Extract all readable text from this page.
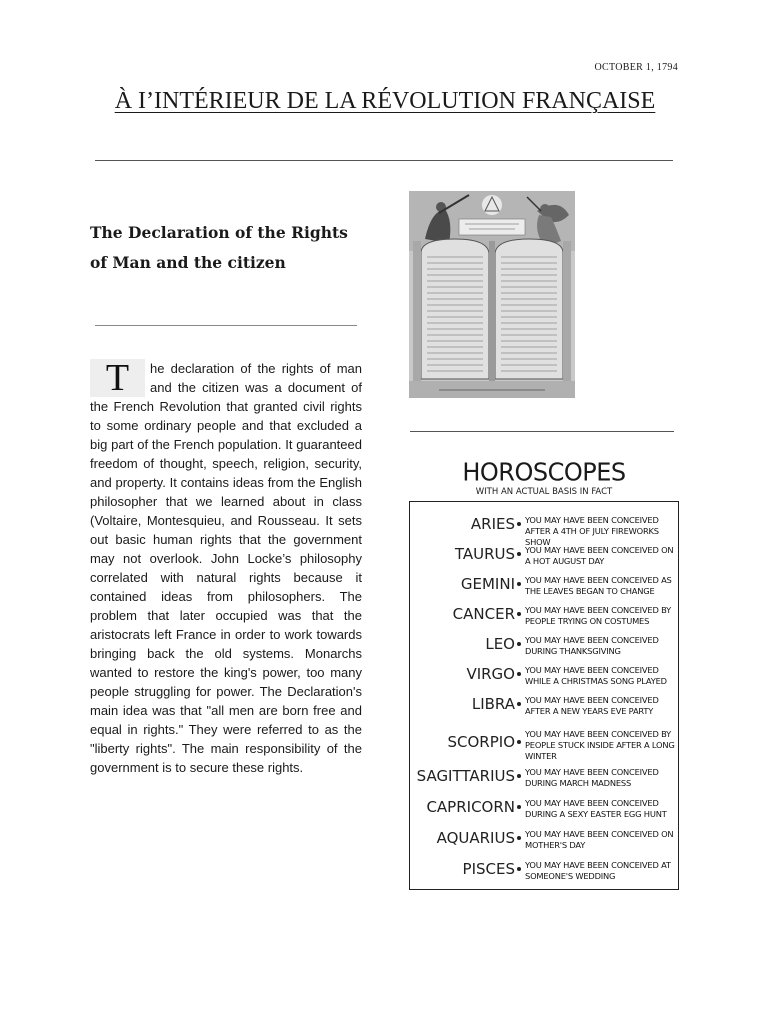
OCTOBER 1, 1794
À I’INTÉRIEUR DE LA RÉVOLUTION FRANÇAISE
The Declaration of the Rights of Man and the citizen

T	he declaration of the rights of man and the citizen was a document of the French Revolution that granted civil rights to some ordinary people and that excluded a big part of the French population. It guaranteed freedom of thought, speech, religion, security, and property. It contains ideas from the English philosopher that we learned about in class (Voltaire, Montesquieu, and Rousseau. It sets out basic human rights that the government may not overlook. John Locke’s philosophy correlated with natural rights because it contained ideas from philosophers. The problem that later occupied was that the aristocrats left France in order to work towards bringing back the old systems. Monarchs wanted to restore the king's power, too many people struggling for power. The Declaration's main idea was that "all men are born free and equal in rights." They were referred to as the "liberty rights". The main responsibility of the government is to secure these rights.

HOROSCOPES
WITH AN ACTUAL BASIS IN FACT
ARIES YOU MAY HAVE BEEN CONCEIVED AFTER A 4TH OF JULY FIREWORKS SHOW
TAURUS YOU MAY HAVE BEEN CONCEIVED ON A HOT AUGUST DAY
GEMINI YOU MAY HAVE BEEN CONCEIVED AS THE LEAVES BEGAN TO CHANGE
CANCER YOU MAY HAVE BEEN CONCEIVED BY PEOPLE TRYING ON COSTUMES
LEO YOU MAY HAVE BEEN CONCEIVED DURING THANKSGIVING
VIRGO YOU MAY HAVE BEEN CONCEIVED WHILE A CHRISTMAS SONG PLAYED
LIBRA YOU MAY HAVE BEEN CONCEIVED AFTER A NEW YEARS EVE PARTY
SCORPIO YOU MAY HAVE BEEN CONCEIVED BY PEOPLE STUCK INSIDE AFTER A LONG WINTER
SAGITTARIUS YOU MAY HAVE BEEN CONCEIVED DURING MARCH MADNESS
CAPRICORN YOU MAY HAVE BEEN CONCEIVED DURING A SEXY EASTER EGG HUNT
AQUARIUS YOU MAY HAVE BEEN CONCEIVED ON MOTHER'S DAY
PISCES YOU MAY HAVE BEEN CONCEIVED AT SOMEONE'S WEDDING
